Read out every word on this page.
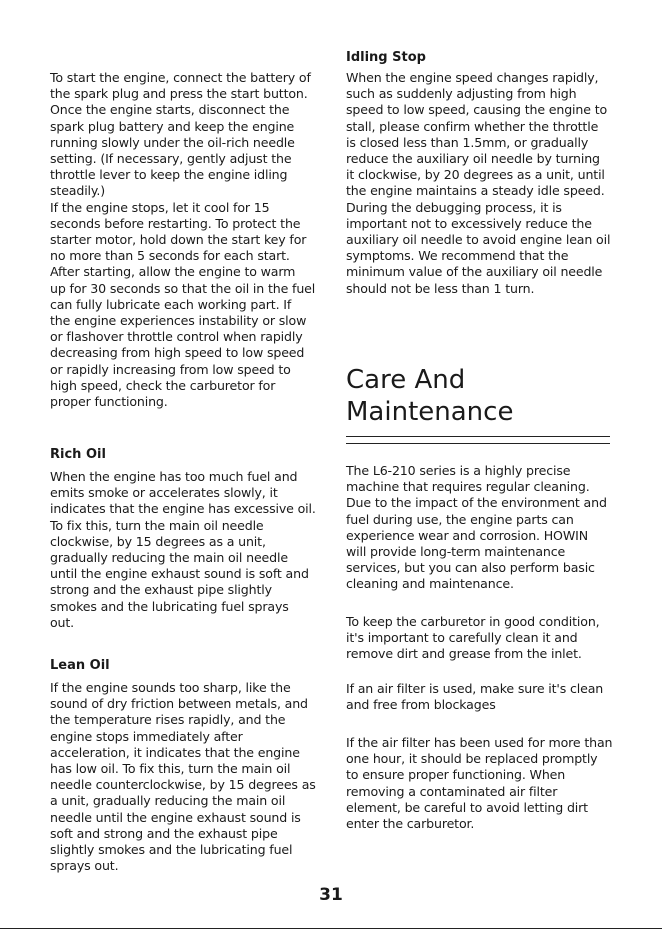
To start the engine, connect the battery of
the spark plug and press the start button.
Once the engine starts, disconnect the
spark plug battery and keep the engine
running slowly under the oil-rich needle
setting. (If necessary, gently adjust the
throttle lever to keep the engine idling
steadily.)
If the engine stops, let it cool for 15
seconds before restarting. To protect the
starter motor, hold down the start key for
no more than 5 seconds for each start.
After starting, allow the engine to warm
up for 30 seconds so that the oil in the fuel
can fully lubricate each working part. If
the engine experiences instability or slow
or flashover throttle control when rapidly
decreasing from high speed to low speed
or rapidly increasing from low speed to
high speed, check the carburetor for
proper functioning.

Rich Oil

When the engine has too much fuel and
emits smoke or accelerates slowly, it
indicates that the engine has excessive oil.
To fix this, turn the main oil needle
clockwise, by 15 degrees as a unit,
gradually reducing the main oil needle
until the engine exhaust sound is soft and
strong and the exhaust pipe slightly
smokes and the lubricating fuel sprays
out.

Lean Oil

If the engine sounds too sharp, like the
sound of dry friction between metals, and
the temperature rises rapidly, and the
engine stops immediately after
acceleration, it indicates that the engine
has low oil. To fix this, turn the main oil
needle counterclockwise, by 15 degrees as
a unit, gradually reducing the main oil
needle until the engine exhaust sound is
soft and strong and the exhaust pipe
slightly smokes and the lubricating fuel
sprays out.

Idling Stop

When the engine speed changes rapidly,
such as suddenly adjusting from high
speed to low speed, causing the engine to
stall, please confirm whether the throttle
is closed less than 1.5mm, or gradually
reduce the auxiliary oil needle by turning
it clockwise, by 20 degrees as a unit, until
the engine maintains a steady idle speed.
During the debugging process, it is
important not to excessively reduce the
auxiliary oil needle to avoid engine lean oil
symptoms. We recommend that the
minimum value of the auxiliary oil needle
should not be less than 1 turn.

Care And
Maintenance

The L6-210 series is a highly precise
machine that requires regular cleaning.
Due to the impact of the environment and
fuel during use, the engine parts can
experience wear and corrosion. HOWIN
will provide long-term maintenance
services, but you can also perform basic
cleaning and maintenance.

To keep the carburetor in good condition,
it's important to carefully clean it and
remove dirt and grease from the inlet.

If an air filter is used, make sure it's clean
and free from blockages

If the air filter has been used for more than
one hour, it should be replaced promptly
to ensure proper functioning. When
removing a contaminated air filter
element, be careful to avoid letting dirt
enter the carburetor.

31
